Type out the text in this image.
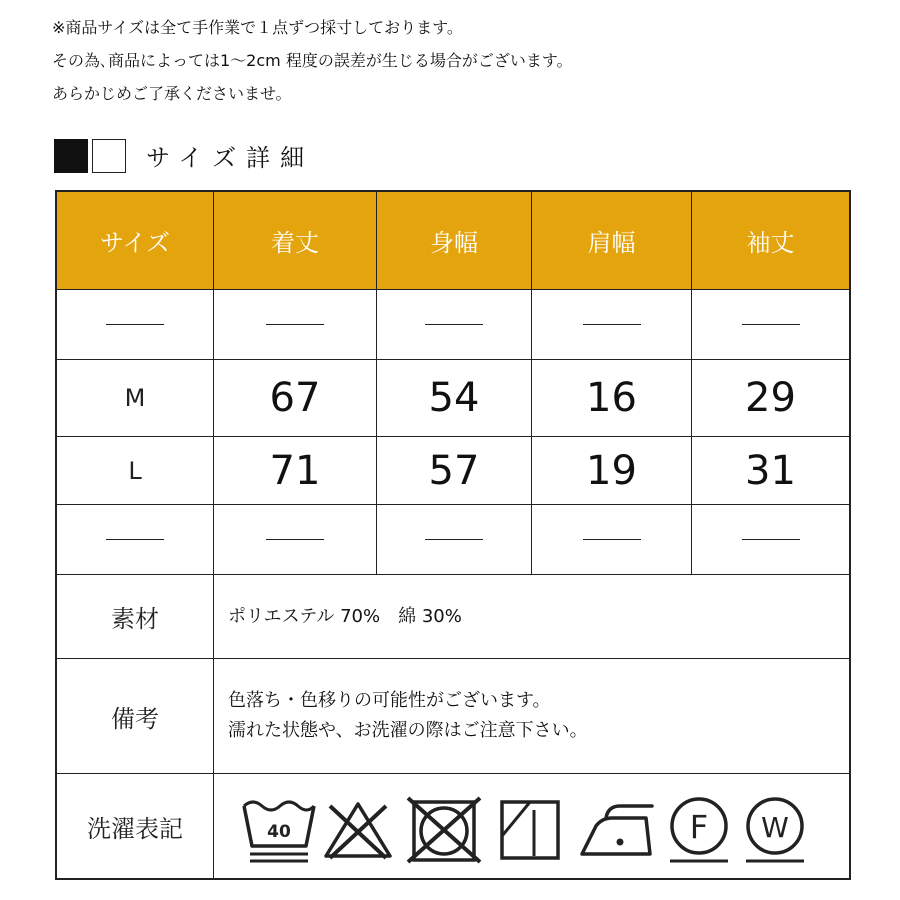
※商品サイズは全て手作業で１点ずつ採寸しております。
その為､商品によっては1〜2cm 程度の誤差が生じる場合がございます。
あらかじめご了承くださいませ。
サイズ詳細
サイズ	着丈	身幅	肩幅	袖丈
M	67	54	16	29
L	71	57	19	31
素材	ポリエステル 70%　綿 30%
備考
色落ち・色移りの可能性がございます。
濡れた状態や、お洗濯の際はご注意下さい。
洗濯表記	40	F W
